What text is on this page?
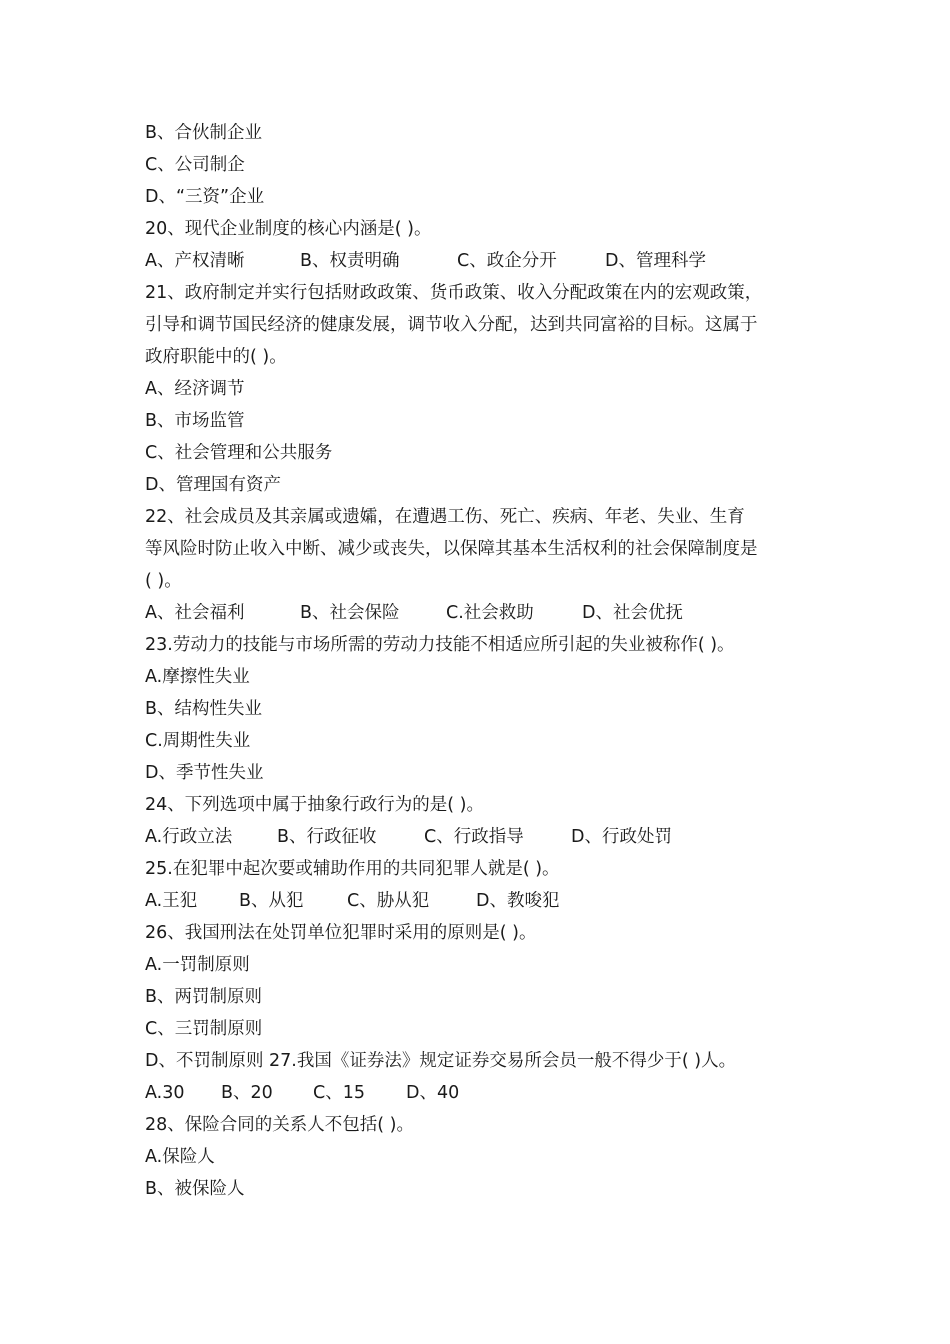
B、合伙制企业
C、公司制企
D、“三资”企业
20、现代企业制度的核心内涵是( )。
A、产权清晰	B、权责明确	C、政企分开	D、管理科学
21、政府制定并实行包括财政政策、货币政策、收入分配政策在内的宏观政策，
引导和调节国民经济的健康发展，调节收入分配，达到共同富裕的目标。这属于
政府职能中的( )。
A、经济调节
B、市场监管
C、社会管理和公共服务
D、管理国有资产
22、社会成员及其亲属或遗孀，在遭遇工伤、死亡、疾病、年老、失业、生育
等风险时防止收入中断、减少或丧失，以保障其基本生活权利的社会保障制度是
( )。
A、社会福利	B、社会保险	C.社会救助	D、社会优抚
23.劳动力的技能与市场所需的劳动力技能不相适应所引起的失业被称作( )。
A.摩擦性失业
B、结构性失业
C.周期性失业
D、季节性失业
24、下列选项中属于抽象行政行为的是( )。
A.行政立法	B、行政征收	C、行政指导	D、行政处罚
25.在犯罪中起次要或辅助作用的共同犯罪人就是( )。
A.王犯	B、从犯	C、胁从犯	D、教唆犯
26、我国刑法在处罚单位犯罪时采用的原则是( )。
A.一罚制原则
B、两罚制原则
C、三罚制原则
D、不罚制原则 27.我国《证券法》规定证券交易所会员一般不得少于( )人。
A.30	B、20	C、15	D、40
28、保险合同的关系人不包括( )。
A.保险人
B、被保险人
